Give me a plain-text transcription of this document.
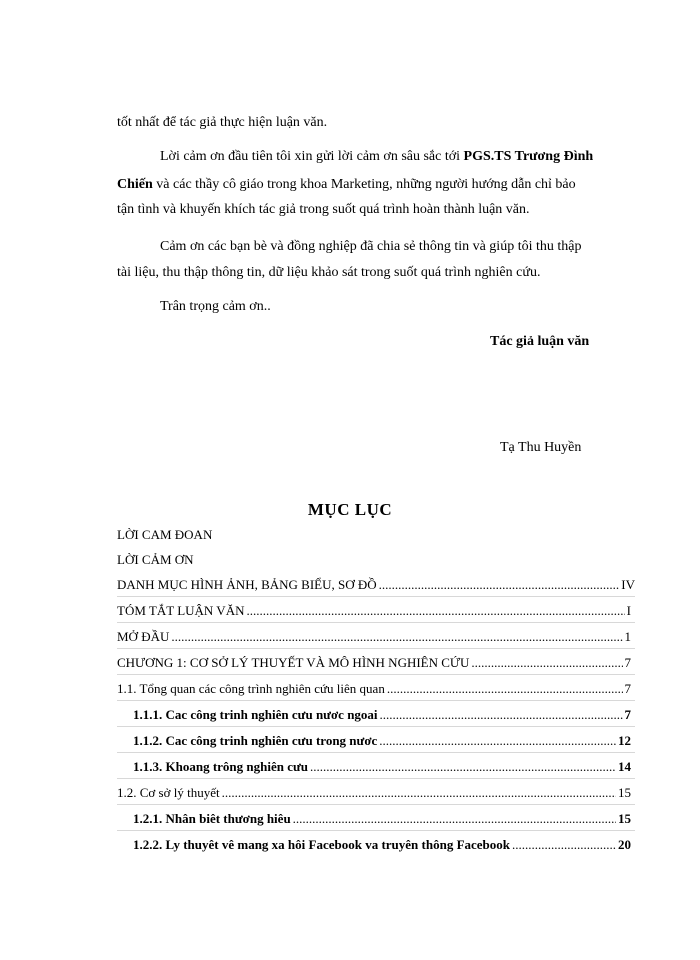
tốt nhất để tác giả thực hiện luận văn.
Lời cảm ơn đầu tiên tôi xin gửi lời cảm ơn sâu sắc tới PGS.TS Trương Đình
Chiến và các thầy cô giáo trong khoa Marketing, những người hướng dẫn chỉ bảo
tận tình và khuyến khích tác giả trong suốt quá trình hoàn thành luận văn.
Cảm ơn các bạn bè và đồng nghiệp đã chia sẻ thông tin và giúp tôi thu thập
tài liệu, thu thập thông tin, dữ liệu khảo sát trong suốt quá trình nghiên cứu.
Trân trọng cảm ơn..
Tác giả luận văn
Tạ Thu Huyền
MỤC LỤC
LỜI CAM ĐOAN
LỜI CẢM ƠN
DANH MỤC HÌNH ẢNH, BẢNG BIỂU, SƠ ĐỒ .....	IV
TÓM TẮT LUẬN VĂN .....	I
MỞ ĐẦU .....	1
CHƯƠNG 1: CƠ SỞ LÝ THUYẾT VÀ MÔ HÌNH NGHIÊN CỨU .....	7
1.1. Tổng quan các công trình nghiên cứu liên quan .....	7
1.1.1. Cac công trinh nghiên cưu nươc ngoai .....	7
1.1.2. Cac công trinh nghiên cưu trong nươc .....	12
1.1.3. Khoang trông nghiên cưu .....	14
1.2. Cơ sở lý thuyết .....	15
1.2.1. Nhân biêt thương hiêu .....	15
1.2.2. Ly thuyêt vê mang xa hôi Facebook va truyên thông Facebook .....	20
